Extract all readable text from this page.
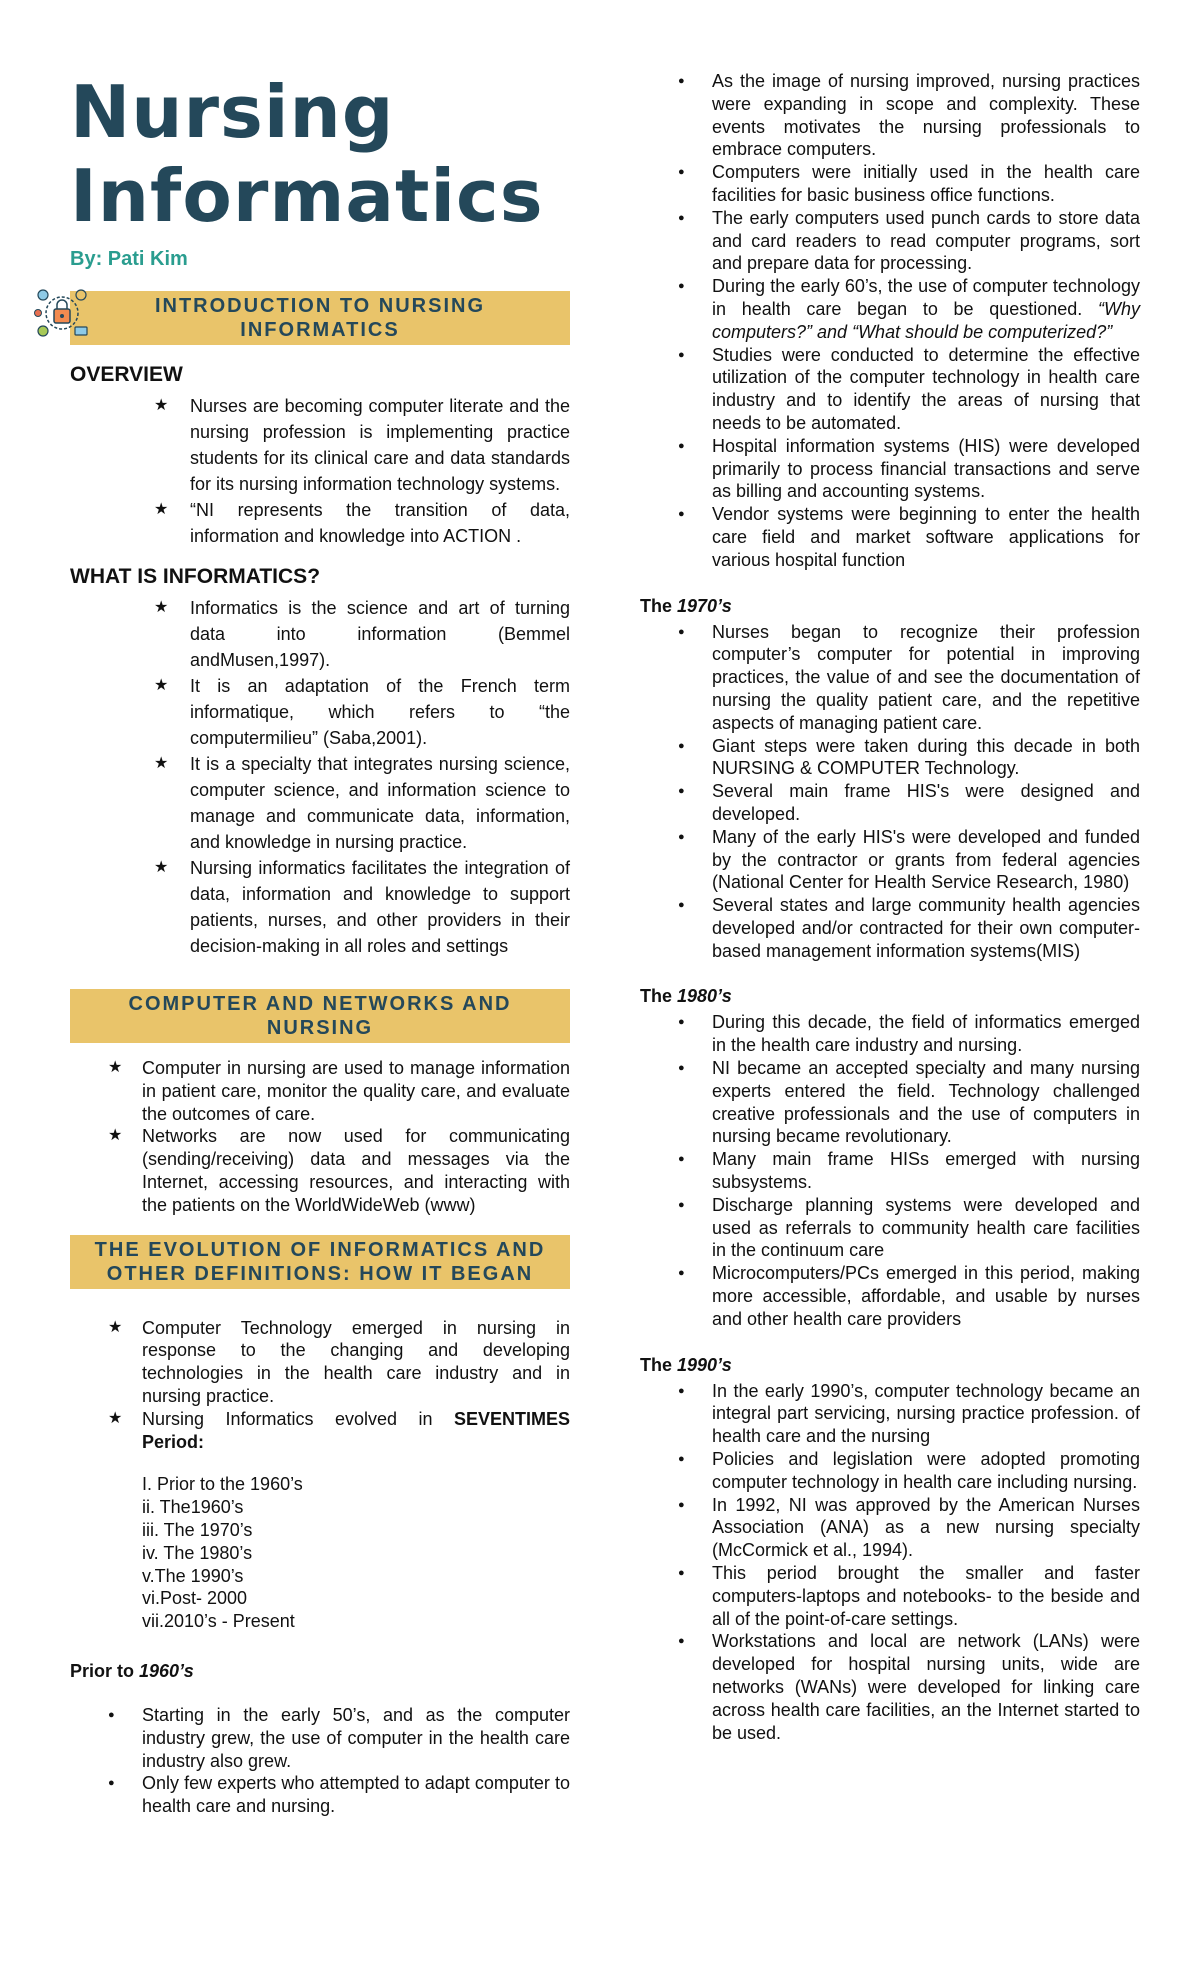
Nursing
Informatics
By: Pati Kim
INTRODUCTION TO NURSING INFORMATICS
OVERVIEW
★ Nurses are becoming computer literate and the nursing profession is implementing practice students for its clinical care and data standards for its nursing information technology systems.
★ “NI represents the transition of data, information and knowledge into ACTION .
WHAT IS INFORMATICS?
★ Informatics is the science and art of turning data into information (Bemmel andMusen,1997).
★ It is an adaptation of the French term informatique, which refers to “the computermilieu” (Saba,2001).
★ It is a specialty that integrates nursing science, computer science, and information science to manage and communicate data, information, and knowledge in nursing practice.
★ Nursing informatics facilitates the integration of data, information and knowledge to support patients, nurses, and other providers in their decision-making in all roles and settings
COMPUTER AND NETWORKS AND NURSING
★ Computer in nursing are used to manage information in patient care, monitor the quality care, and evaluate the outcomes of care.
★ Networks are now used for communicating (sending/receiving) data and messages via the Internet, accessing resources, and interacting with the patients on the WorldWideWeb (www)
THE EVOLUTION OF INFORMATICS AND OTHER DEFINITIONS: HOW IT BEGAN
★ Computer Technology emerged in nursing in response to the changing and developing technologies in the health care industry and in nursing practice.
★ Nursing Informatics evolved in SEVENTIMES Period:
I. Prior to the 1960’s
ii. The1960’s
iii. The 1970’s
iv. The 1980’s
v.The 1990’s
vi.Post- 2000
vii.2010’s - Present
Prior to 1960’s
● Starting in the early 50’s, and as the computer industry grew, the use of computer in the health care industry also grew.
● Only few experts who attempted to adapt computer to health care and nursing.
● As the image of nursing improved, nursing practices were expanding in scope and complexity. These events motivates the nursing professionals to embrace computers.
● Computers were initially used in the health care facilities for basic business office functions.
● The early computers used punch cards to store data and card readers to read computer programs, sort and prepare data for processing.
● During the early 60’s, the use of computer technology in health care began to be questioned. “Why computers?” and “What should be computerized?”
● Studies were conducted to determine the effective utilization of the computer technology in health care industry and to identify the areas of nursing that needs to be automated.
● Hospital information systems (HIS) were developed primarily to process financial transactions and serve as billing and accounting systems.
● Vendor systems were beginning to enter the health care field and market software applications for various hospital function
The 1970’s
● Nurses began to recognize their profession computer’s computer for potential in improving practices, the value of and see the documentation of nursing the quality patient care, and the repetitive aspects of managing patient care.
● Giant steps were taken during this decade in both NURSING & COMPUTER Technology.
● Several main frame HIS's were designed and developed.
● Many of the early HIS's were developed and funded by the contractor or grants from federal agencies (National Center for Health Service Research, 1980)
● Several states and large community health agencies developed and/or contracted for their own computer-based management information systems(MIS)
The 1980’s
● During this decade, the field of informatics emerged in the health care industry and nursing.
● NI became an accepted specialty and many nursing experts entered the field. Technology challenged creative professionals and the use of computers in nursing became revolutionary.
● Many main frame HISs emerged with nursing subsystems.
● Discharge planning systems were developed and used as referrals to community health care facilities in the continuum care
● Microcomputers/PCs emerged in this period, making more accessible, affordable, and usable by nurses and other health care providers
The 1990’s
● In the early 1990’s, computer technology became an integral part servicing, nursing practice profession. of health care and the nursing
● Policies and legislation were adopted promoting computer technology in health care including nursing.
● In 1992, NI was approved by the American Nurses Association (ANA) as a new nursing specialty (McCormick et al., 1994).
● This period brought the smaller and faster computers-laptops and notebooks- to the beside and all of the point-of-care settings.
● Workstations and local are network (LANs) were developed for hospital nursing units, wide are networks (WANs) were developed for linking care across health care facilities, an the Internet started to be used.
